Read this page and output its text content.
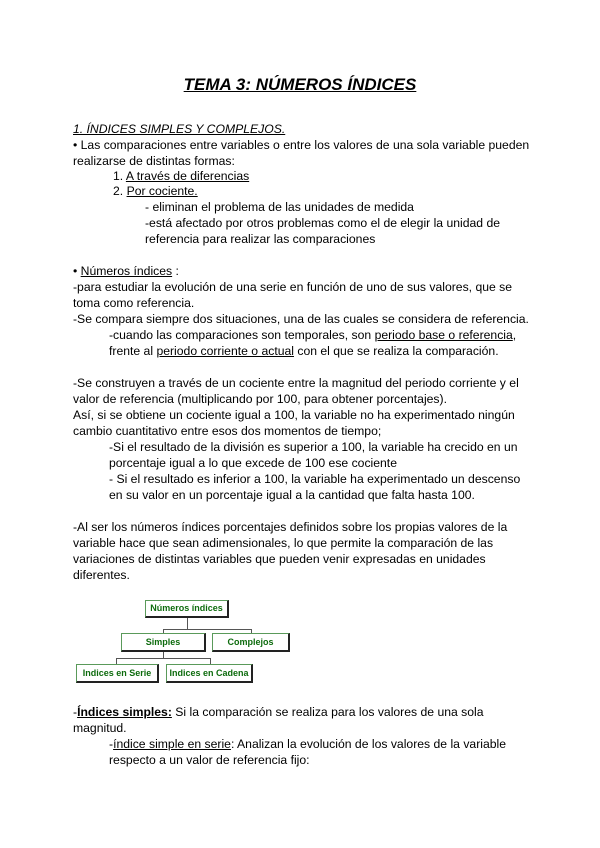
TEMA 3: NÚMEROS ÍNDICES
1. ÍNDICES SIMPLES Y COMPLEJOS.
• Las comparaciones entre variables o entre los valores de una sola variable pueden
realizarse de distintas formas:
1. A través de diferencias
2. Por cociente.
- eliminan el problema de las unidades de medida
-está afectado por otros problemas como el de elegir la unidad de
referencia para realizar las comparaciones
• Números índices :
-para estudiar la evolución de una serie en función de uno de sus valores, que se
toma como referencia.
-Se compara siempre dos situaciones, una de las cuales se considera de referencia.
-cuando las comparaciones son temporales, son periodo base o referencia,
frente al periodo corriente o actual con el que se realiza la comparación.
-Se construyen a través de un cociente entre la magnitud del periodo corriente y el
valor de referencia (multiplicando por 100, para obtener porcentajes).
Así, si se obtiene un cociente igual a 100, la variable no ha experimentado ningún
cambio cuantitativo entre esos dos momentos de tiempo;
-Si el resultado de la división es superior a 100, la variable ha crecido en un
porcentaje igual a lo que excede de 100 ese cociente
- Si el resultado es inferior a 100, la variable ha experimentado un descenso
en su valor en un porcentaje igual a la cantidad que falta hasta 100.
-Al ser los números índices porcentajes definidos sobre los propias valores de la
variable hace que sean adimensionales, lo que permite la comparación de las
variaciones de distintas variables que pueden venir expresadas en unidades
diferentes.
Números índices
Simples	Complejos
Indices en Serie	Indices en Cadena
-Índices simples: Si la comparación se realiza para los valores de una sola
magnitud.
-índice simple en serie: Analizan la evolución de los valores de la variable
respecto a un valor de referencia fijo:
